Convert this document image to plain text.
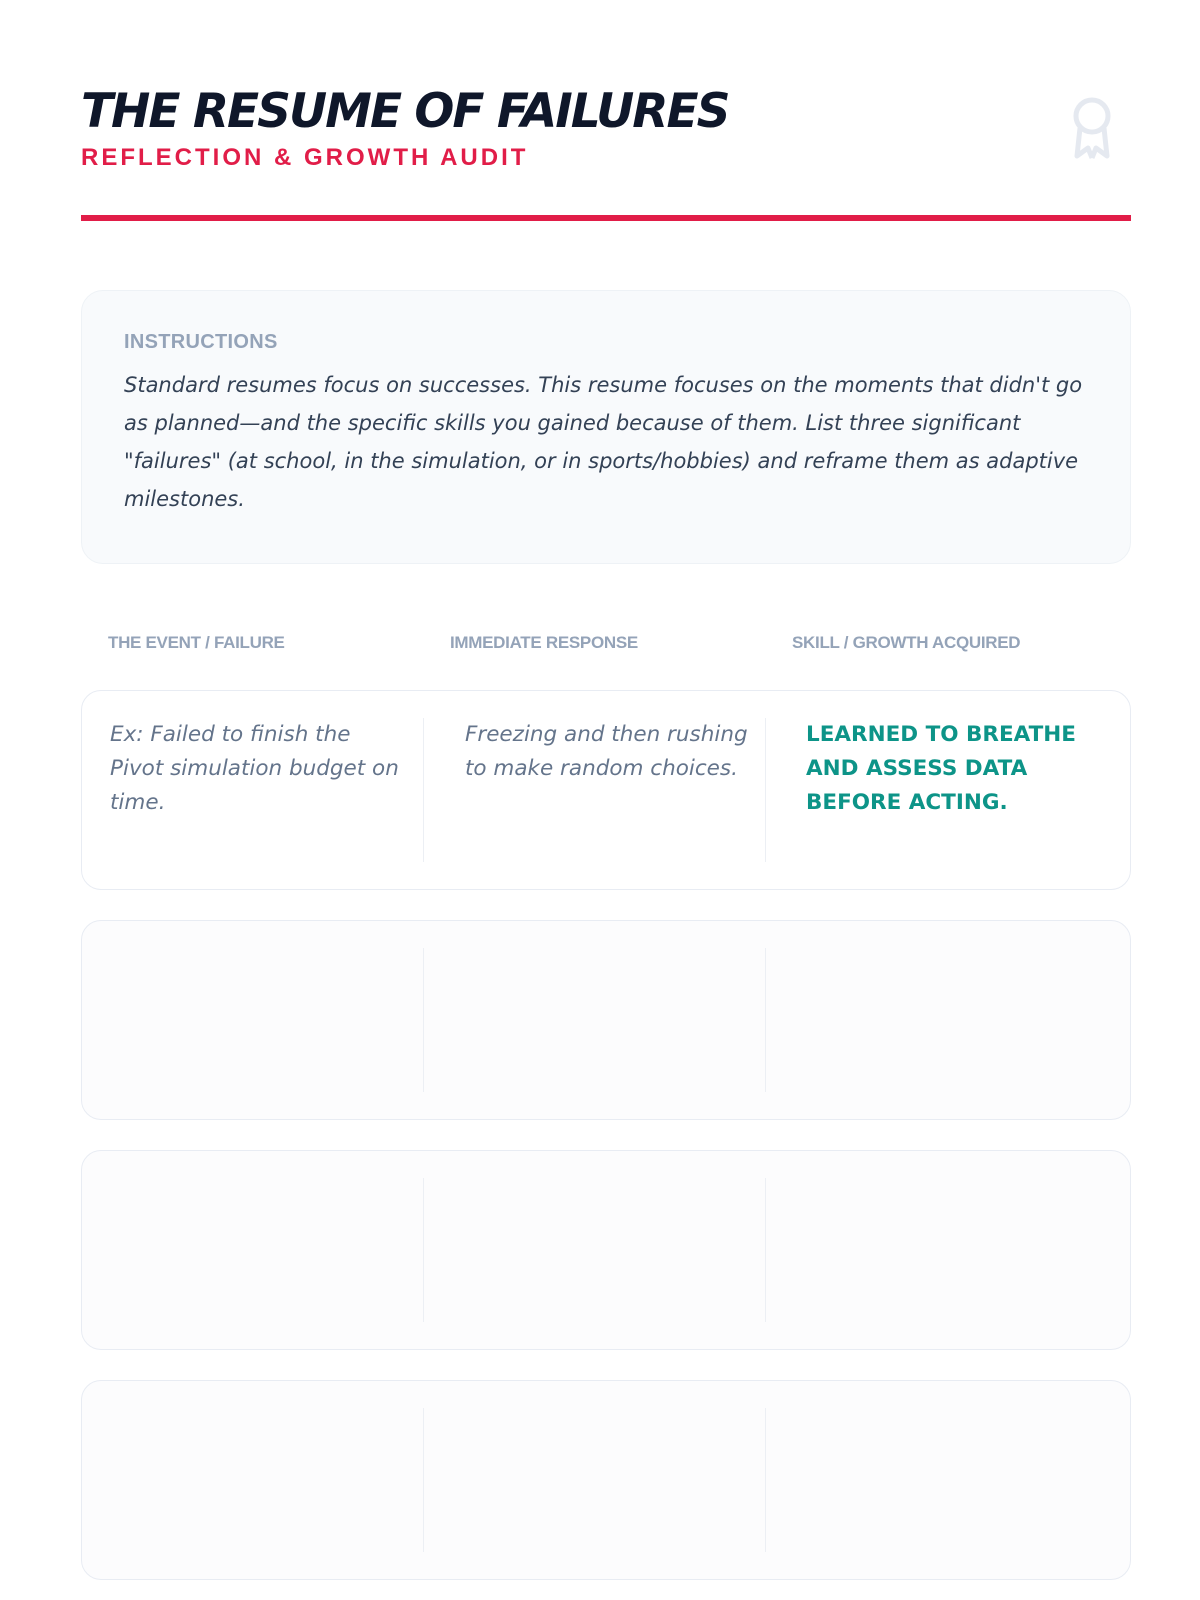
THE RESUME OF FAILURES
REFLECTION & GROWTH AUDIT
INSTRUCTIONS
Standard resumes focus on successes. This resume focuses on the moments that didn't go as planned—and the specific skills you gained because of them. List three significant "failures" (at school, in the simulation, or in sports/hobbies) and reframe them as adaptive milestones.
THE EVENT / FAILURE	IMMEDIATE RESPONSE	SKILL / GROWTH ACQUIRED
Ex: Failed to finish the Pivot simulation budget on time.
Freezing and then rushing to make random choices.
LEARNED TO BREATHE AND ASSESS DATA BEFORE ACTING.
